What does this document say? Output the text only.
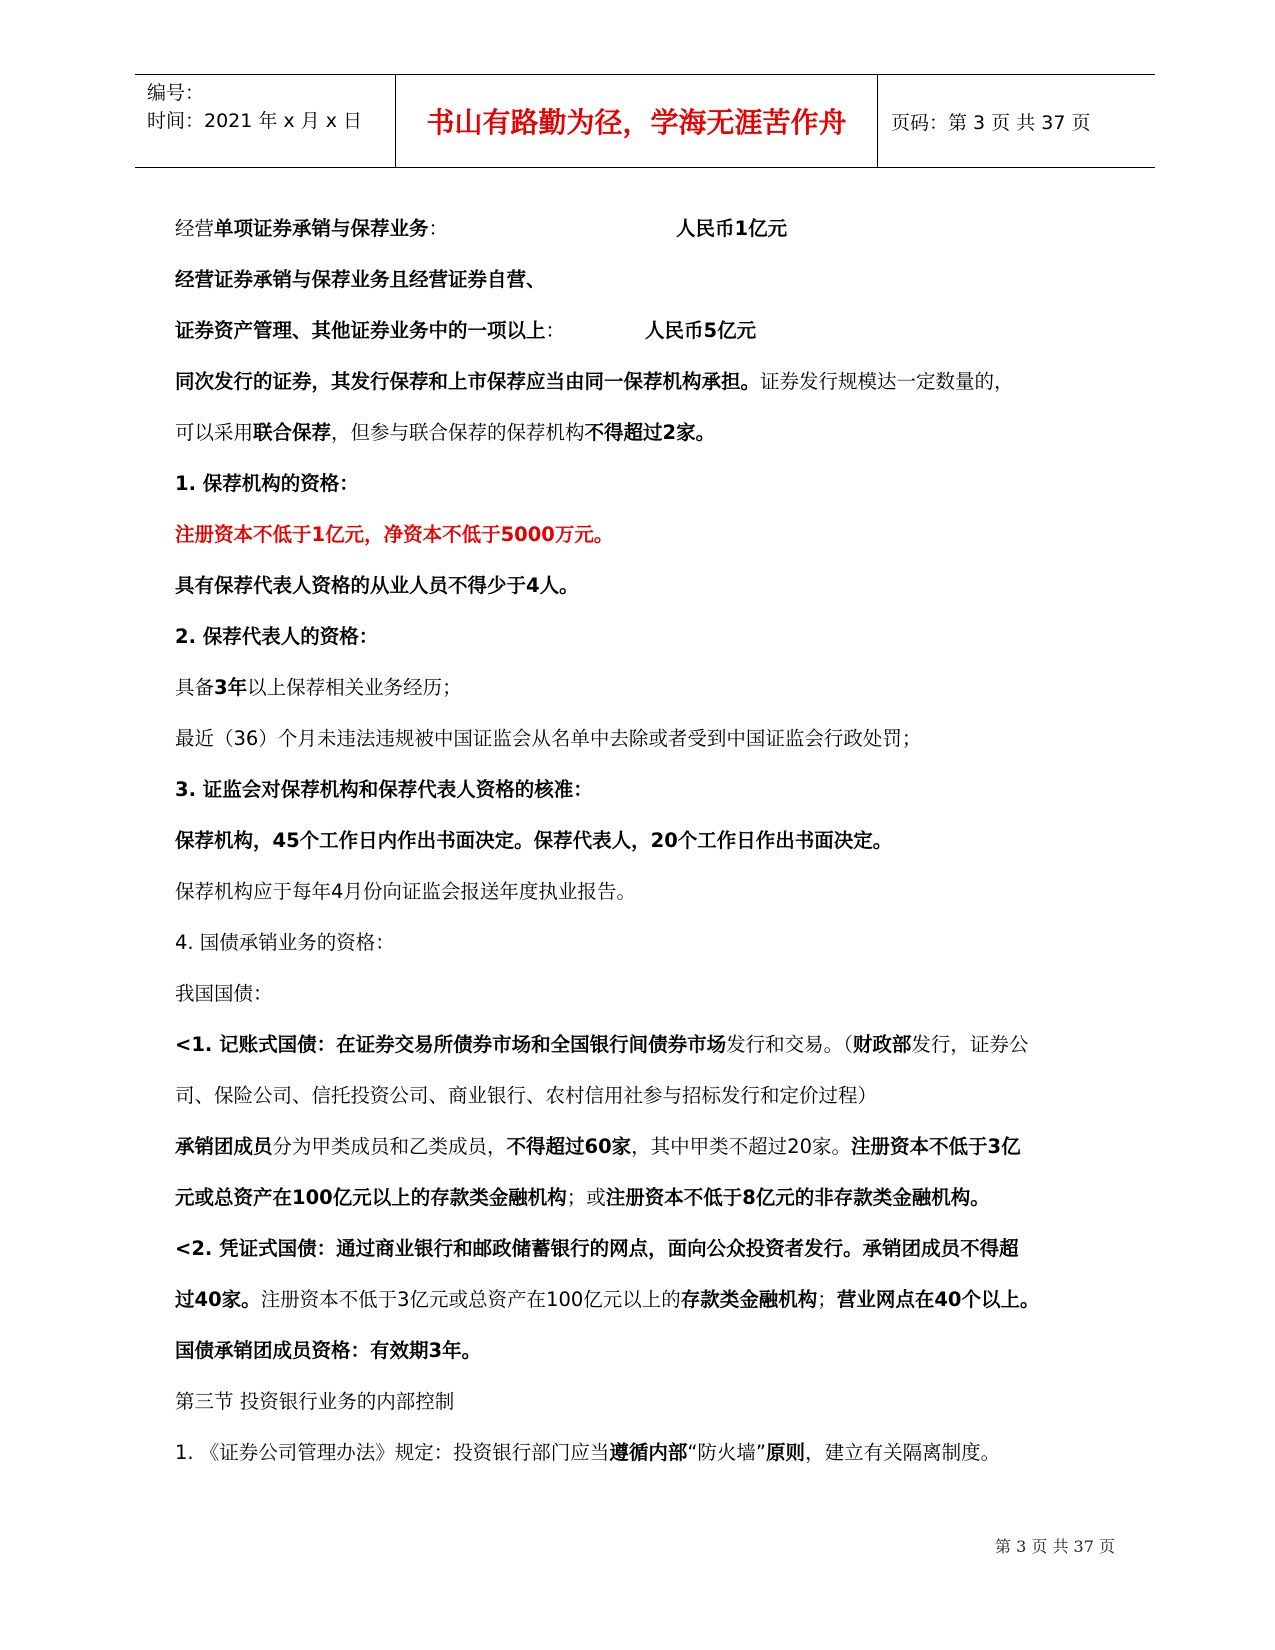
编号：
时间：2021 年 x 月 x 日	书山有路勤为径，学海无涯苦作舟	页码：第 3 页 共 37 页
经营单项证券承销与保荐业务：	人民币1亿元
经营证券承销与保荐业务且经营证券自营、
证券资产管理、其他证券业务中的一项以上：	人民币5亿元
同次发行的证券，其发行保荐和上市保荐应当由同一保荐机构承担。证券发行规模达一定数量的，
可以采用联合保荐，但参与联合保荐的保荐机构不得超过2家。
1. 保荐机构的资格：
注册资本不低于1亿元，净资本不低于5000万元。
具有保荐代表人资格的从业人员不得少于4人。
2. 保荐代表人的资格：
具备3年以上保荐相关业务经历；
最近（36）个月未违法违规被中国证监会从名单中去除或者受到中国证监会行政处罚；
3. 证监会对保荐机构和保荐代表人资格的核准：
保荐机构，45个工作日内作出书面决定。保荐代表人，20个工作日作出书面决定。
保荐机构应于每年4月份向证监会报送年度执业报告。
4. 国债承销业务的资格：
我国国债：
<1. 记账式国债：在证券交易所债券市场和全国银行间债券市场发行和交易。（财政部发行，证券公
司、保险公司、信托投资公司、商业银行、农村信用社参与招标发行和定价过程）
承销团成员分为甲类成员和乙类成员，不得超过60家，其中甲类不超过20家。注册资本不低于3亿
元或总资产在100亿元以上的存款类金融机构；或注册资本不低于8亿元的非存款类金融机构。
<2. 凭证式国债：通过商业银行和邮政储蓄银行的网点，面向公众投资者发行。承销团成员不得超
过40家。注册资本不低于3亿元或总资产在100亿元以上的存款类金融机构；营业网点在40个以上。
国债承销团成员资格：有效期3年。
第三节 投资银行业务的内部控制
1. 《证券公司管理办法》规定：投资银行部门应当遵循内部“防火墙”原则，建立有关隔离制度。
第 3 页 共 37 页
